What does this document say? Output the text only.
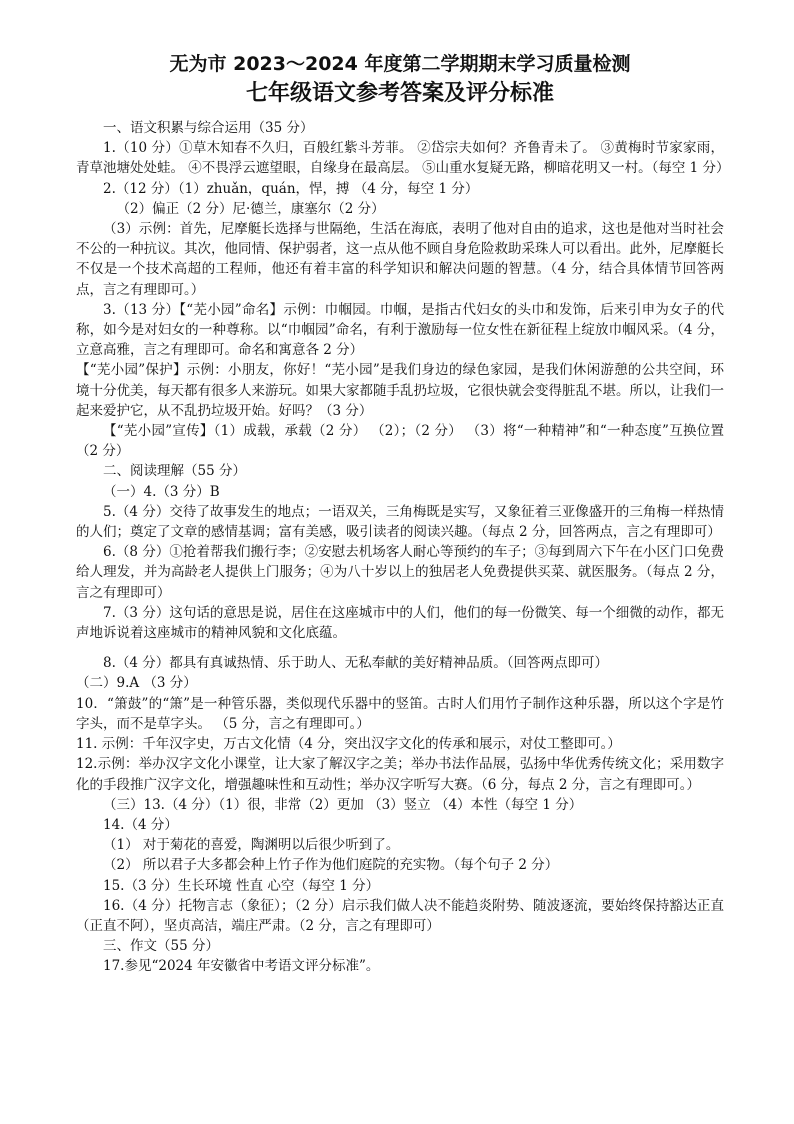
无为市 2023～2024 年度第二学期期末学习质量检测
七年级语文参考答案及评分标准

一、语文积累与综合运用（35 分）

1.（10 分）①草木知春不久归，百般红紫斗芳菲。 ②岱宗夫如何？齐鲁青未了。 ③黄梅时节家家雨，青草池塘处处蛙。 ④不畏浮云遮望眼，自缘身在最高层。 ⑤山重水复疑无路，柳暗花明又一村。（每空 1 分）

2.（12 分）（1）zhuǎn，quán，悍，搏 （4 分，每空 1 分）

（2）偏正（2 分）尼·德兰，康塞尔（2 分）

（3）示例：首先，尼摩艇长选择与世隔绝，生活在海底，表明了他对自由的追求，这也是他对当时社会不公的一种抗议。其次，他同情、保护弱者，这一点从他不顾自身危险救助采珠人可以看出。此外，尼摩艇长不仅是一个技术高超的工程师，他还有着丰富的科学知识和解决问题的智慧。（4 分，结合具体情节回答两点，言之有理即可。）

3.（13 分）【“芜小园”命名】示例：巾帼园。巾帼，是指古代妇女的头巾和发饰，后来引申为女子的代称，如今是对妇女的一种尊称。以“巾帼园”命名，有利于激励每一位女性在新征程上绽放巾帼风采。（4 分，立意高雅，言之有理即可。命名和寓意各 2 分）

【“芜小园”保护】示例：小朋友，你好！“芜小园”是我们身边的绿色家园，是我们休闲游憩的公共空间，环境十分优美，每天都有很多人来游玩。如果大家都随手乱扔垃圾，它很快就会变得脏乱不堪。所以，让我们一起来爱护它，从不乱扔垃圾开始。好吗？（3 分）

【“芜小园”宣传】（1）成载，承载（2 分） （2）；（2 分） （3）将“一种精神”和“一种态度”互换位置（2 分）

二、阅读理解（55 分）

（一）4.（3 分）B

5.（4 分）交待了故事发生的地点；一语双关，三角梅既是实写，又象征着三亚像盛开的三角梅一样热情的人们；奠定了文章的感情基调；富有美感，吸引读者的阅读兴趣。（每点 2 分，回答两点，言之有理即可）

6.（8 分）①抢着帮我们搬行李；②安慰去机场客人耐心等预约的车子；③每到周六下午在小区门口免费给人理发，并为高龄老人提供上门服务；④为八十岁以上的独居老人免费提供买菜、就医服务。（每点 2 分，言之有理即可）

7.（3 分）这句话的意思是说，居住在这座城市中的人们，他们的每一份微笑、每一个细微的动作，都无声地诉说着这座城市的精神风貌和文化底蕴。

8.（4 分）都具有真诚热情、乐于助人、无私奉献的美好精神品质。（回答两点即可）

（二）9.A （3 分）

10．“箫鼓”的“箫”是一种管乐器，类似现代乐器中的竖笛。古时人们用竹子制作这种乐器，所以这个字是竹字头，而不是草字头。 （5 分，言之有理即可。）

11. 示例：千年汉字史，万古文化情（4 分，突出汉字文化的传承和展示，对仗工整即可。）

12.示例：举办汉字文化小课堂，让大家了解汉字之美；举办书法作品展，弘扬中华优秀传统文化；采用数字化的手段推广汉字文化，增强趣味性和互动性；举办汉字听写大赛。（6 分，每点 2 分，言之有理即可。）

（三）13.（4 分）（1）很，非常（2）更加 （3）竖立 （4）本性（每空 1 分）

14.（4 分）

（1） 对于菊花的喜爱，陶渊明以后很少听到了。

（2） 所以君子大多都会种上竹子作为他们庭院的充实物。（每个句子 2 分）

15.（3 分）生长环境 性直 心空（每空 1 分）

16.（4 分）托物言志（象征）；（2 分）启示我们做人决不能趋炎附势、随波逐流，要始终保持豁达正直（正直不阿），坚贞高洁，端庄严肃。（2 分，言之有理即可）

三、作文（55 分）

17.参见“2024 年安徽省中考语文评分标准”。
